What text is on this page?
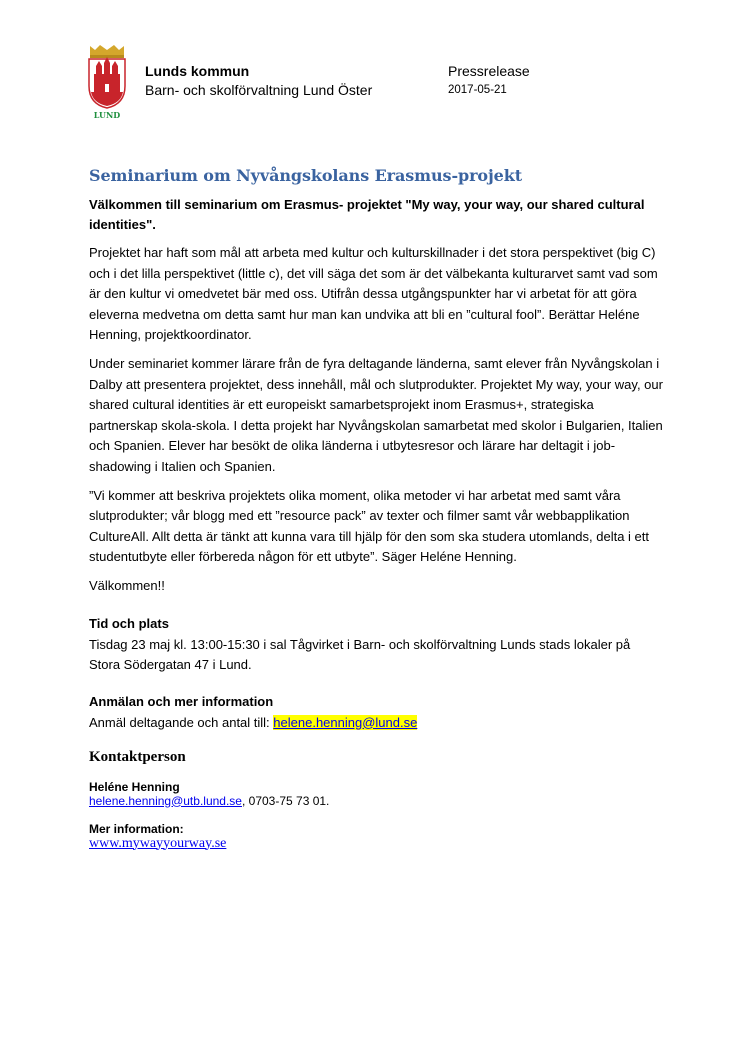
LUND
Lunds kommun
Barn- och skolförvaltning Lund Öster
Pressrelease
2017-05-21
Seminarium om Nyvångskolans Erasmus-projekt

Välkommen till seminarium om Erasmus- projektet "My way, your way, our shared cultural identities".

Projektet har haft som mål att arbeta med kultur och kulturskillnader i det stora perspektivet (big C) och i det lilla perspektivet (little c), det vill säga det som är det välbekanta kulturarvet samt vad som är den kultur vi omedvetet bär med oss. Utifrån dessa utgångspunkter har vi arbetat för att göra eleverna medvetna om detta samt hur man kan undvika att bli en ”cultural fool”. Berättar Heléne Henning, projektkoordinator.

Under seminariet kommer lärare från de fyra deltagande länderna, samt elever från Nyvångskolan i Dalby att presentera projektet, dess innehåll, mål och slutprodukter. Projektet My way, your way, our shared cultural identities är ett europeiskt samarbetsprojekt inom Erasmus+, strategiska partnerskap skola-skola. I detta projekt har Nyvångskolan samarbetat med skolor i Bulgarien, Italien och Spanien. Elever har besökt de olika länderna i utbytesresor och lärare har deltagit i job-shadowing i Italien och Spanien.

”Vi kommer att beskriva projektets olika moment, olika metoder vi har arbetat med samt våra slutprodukter; vår blogg med ett ”resource pack” av texter och filmer samt vår webbapplikation CultureAll. Allt detta är tänkt att kunna vara till hjälp för den som ska studera utomlands, delta i ett studentutbyte eller förbereda någon för ett utbyte”. Säger Heléne Henning.

Välkommen!!

Tid och plats

Tisdag 23 maj kl. 13:00-15:30 i sal Tågvirket i Barn- och skolförvaltning Lunds stads lokaler på Stora Södergatan 47 i Lund.

Anmälan och mer information

Anmäl deltagande och antal till: helene.henning@lund.se

Kontaktperson

Heléne Henning

helene.henning@utb.lund.se, 0703-75 73 01.

Mer information:

www.mywayyourway.se
